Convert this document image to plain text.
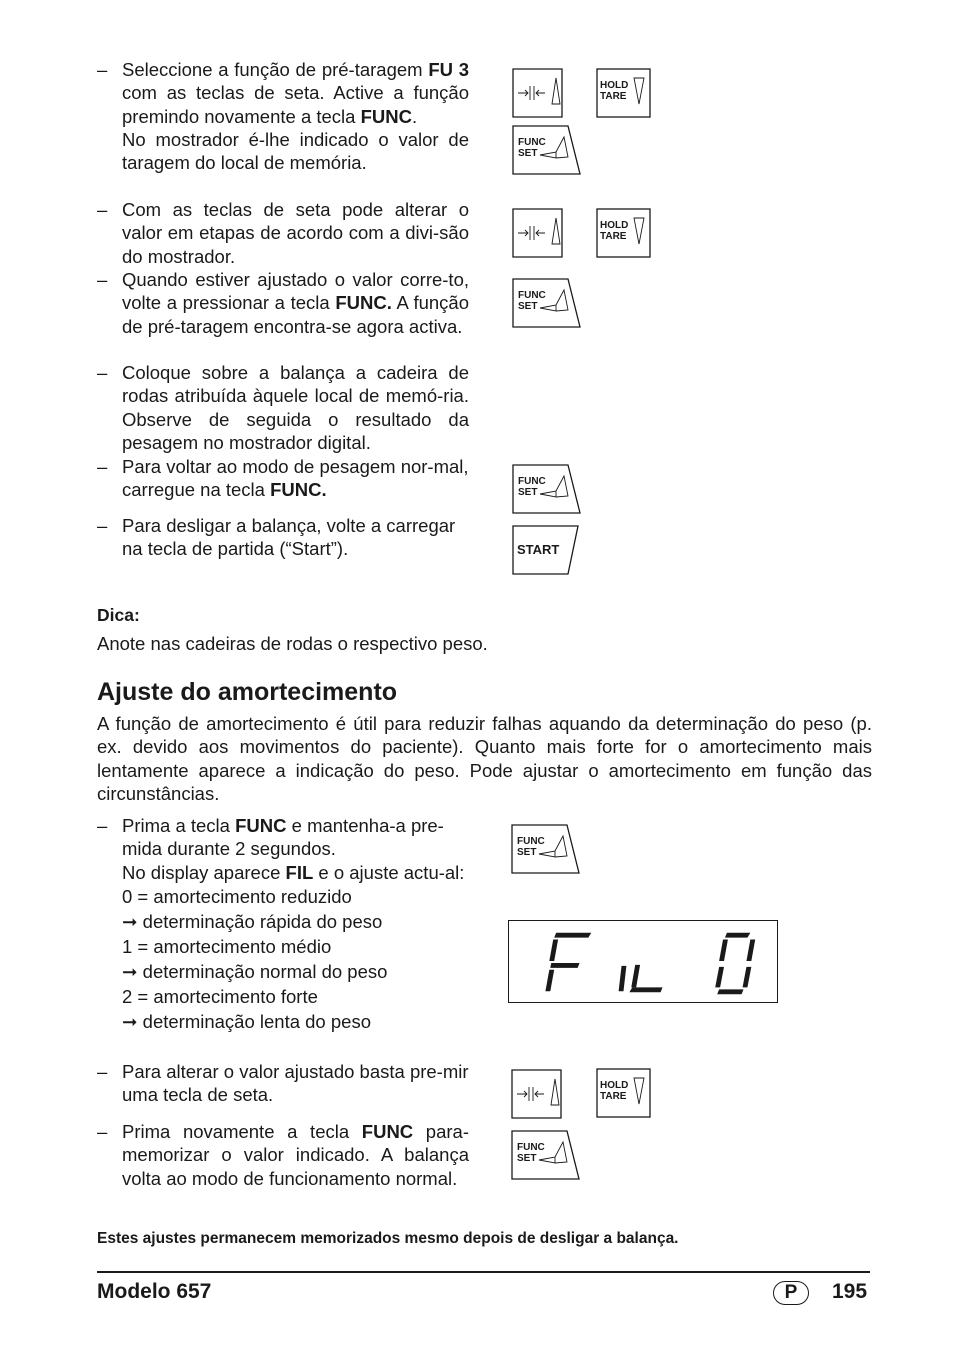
– Seleccione a função de pré-taragem FU 3 com as teclas de seta. Active a função premindo novamente a tecla FUNC.
No mostrador é-lhe indicado o valor de taragem do local de memória.
– Com as teclas de seta pode alterar o valor em etapas de acordo com a divi-são do mostrador.
– Quando estiver ajustado o valor corre-to, volte a pressionar a tecla FUNC. A função de pré-taragem encontra-se agora activa.
– Coloque sobre a balança a cadeira de rodas atribuída àquele local de memó-ria. Observe de seguida o resultado da pesagem no mostrador digital.
– Para voltar ao modo de pesagem nor-mal, carregue na tecla FUNC.
– Para desligar a balança, volte a carregar na tecla de partida (“Start”).
Dica:
Anote nas cadeiras de rodas o respectivo peso.
Ajuste do amortecimento
A função de amortecimento é útil para reduzir falhas aquando da determinação do peso (p. ex. devido aos movimentos do paciente). Quanto mais forte for o amortecimento mais lentamente aparece a indicação do peso. Pode ajustar o amortecimento em função das circunstâncias.
– Prima a tecla FUNC e mantenha-a pre-mida durante 2 segundos.
No display aparece FIL e o ajuste actu-al:
0 = amortecimento reduzido
➞ determinação rápida do peso
1 = amortecimento médio
➞ determinação normal do peso
2 = amortecimento forte
➞ determinação lenta do peso
– Para alterar o valor ajustado basta pre-mir uma tecla de seta.
– Prima novamente a tecla FUNC para-memorizar o valor indicado. A balança volta ao modo de funcionamento normal.
Estes ajustes permanecem memorizados mesmo depois de desligar a balança.
HOLD
TARE
FUNC
SET
HOLD
TARE
FUNC
SET
FUNC
SET
START
FUNC
SET
HOLD
TARE
FUNC
SET
Modelo 657	P	195
